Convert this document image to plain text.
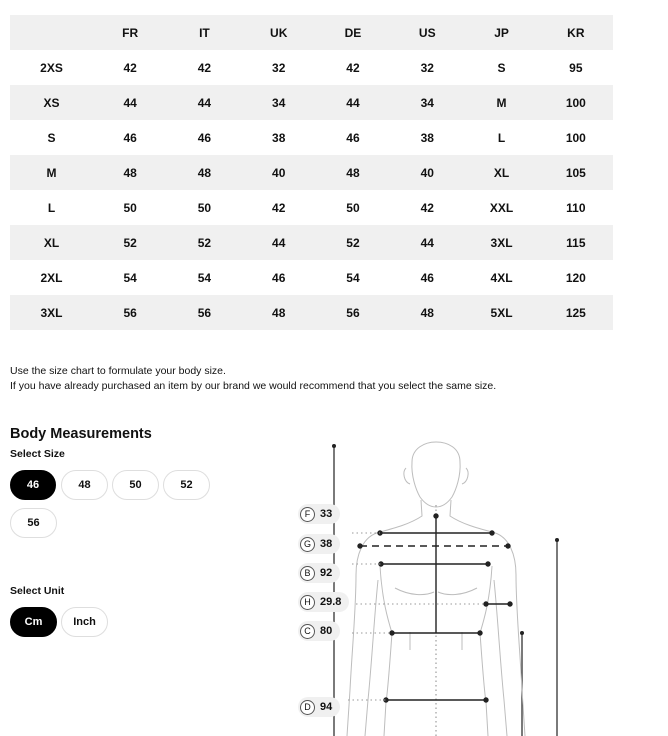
	FR	IT	UK	DE	US	JP	KR
2XS	42	42	32	42	32	S	95
XS	44	44	34	44	34	M	100
S	46	46	38	46	38	L	100
M	48	48	40	48	40	XL	105
L	50	50	42	50	42	XXL	110
XL	52	52	44	52	44	3XL	115
2XL	54	54	46	54	46	4XL	120
3XL	56	56	48	56	48	5XL	125
Use the size chart to formulate your body size.
If you have already purchased an item by our brand we would recommend that you select the same size.
Body Measurements
Select Size
46	48	50	52
56
Select Unit
Cm	Inch
F 33
G 38
B 92
H 29.8
C 80
D 94
